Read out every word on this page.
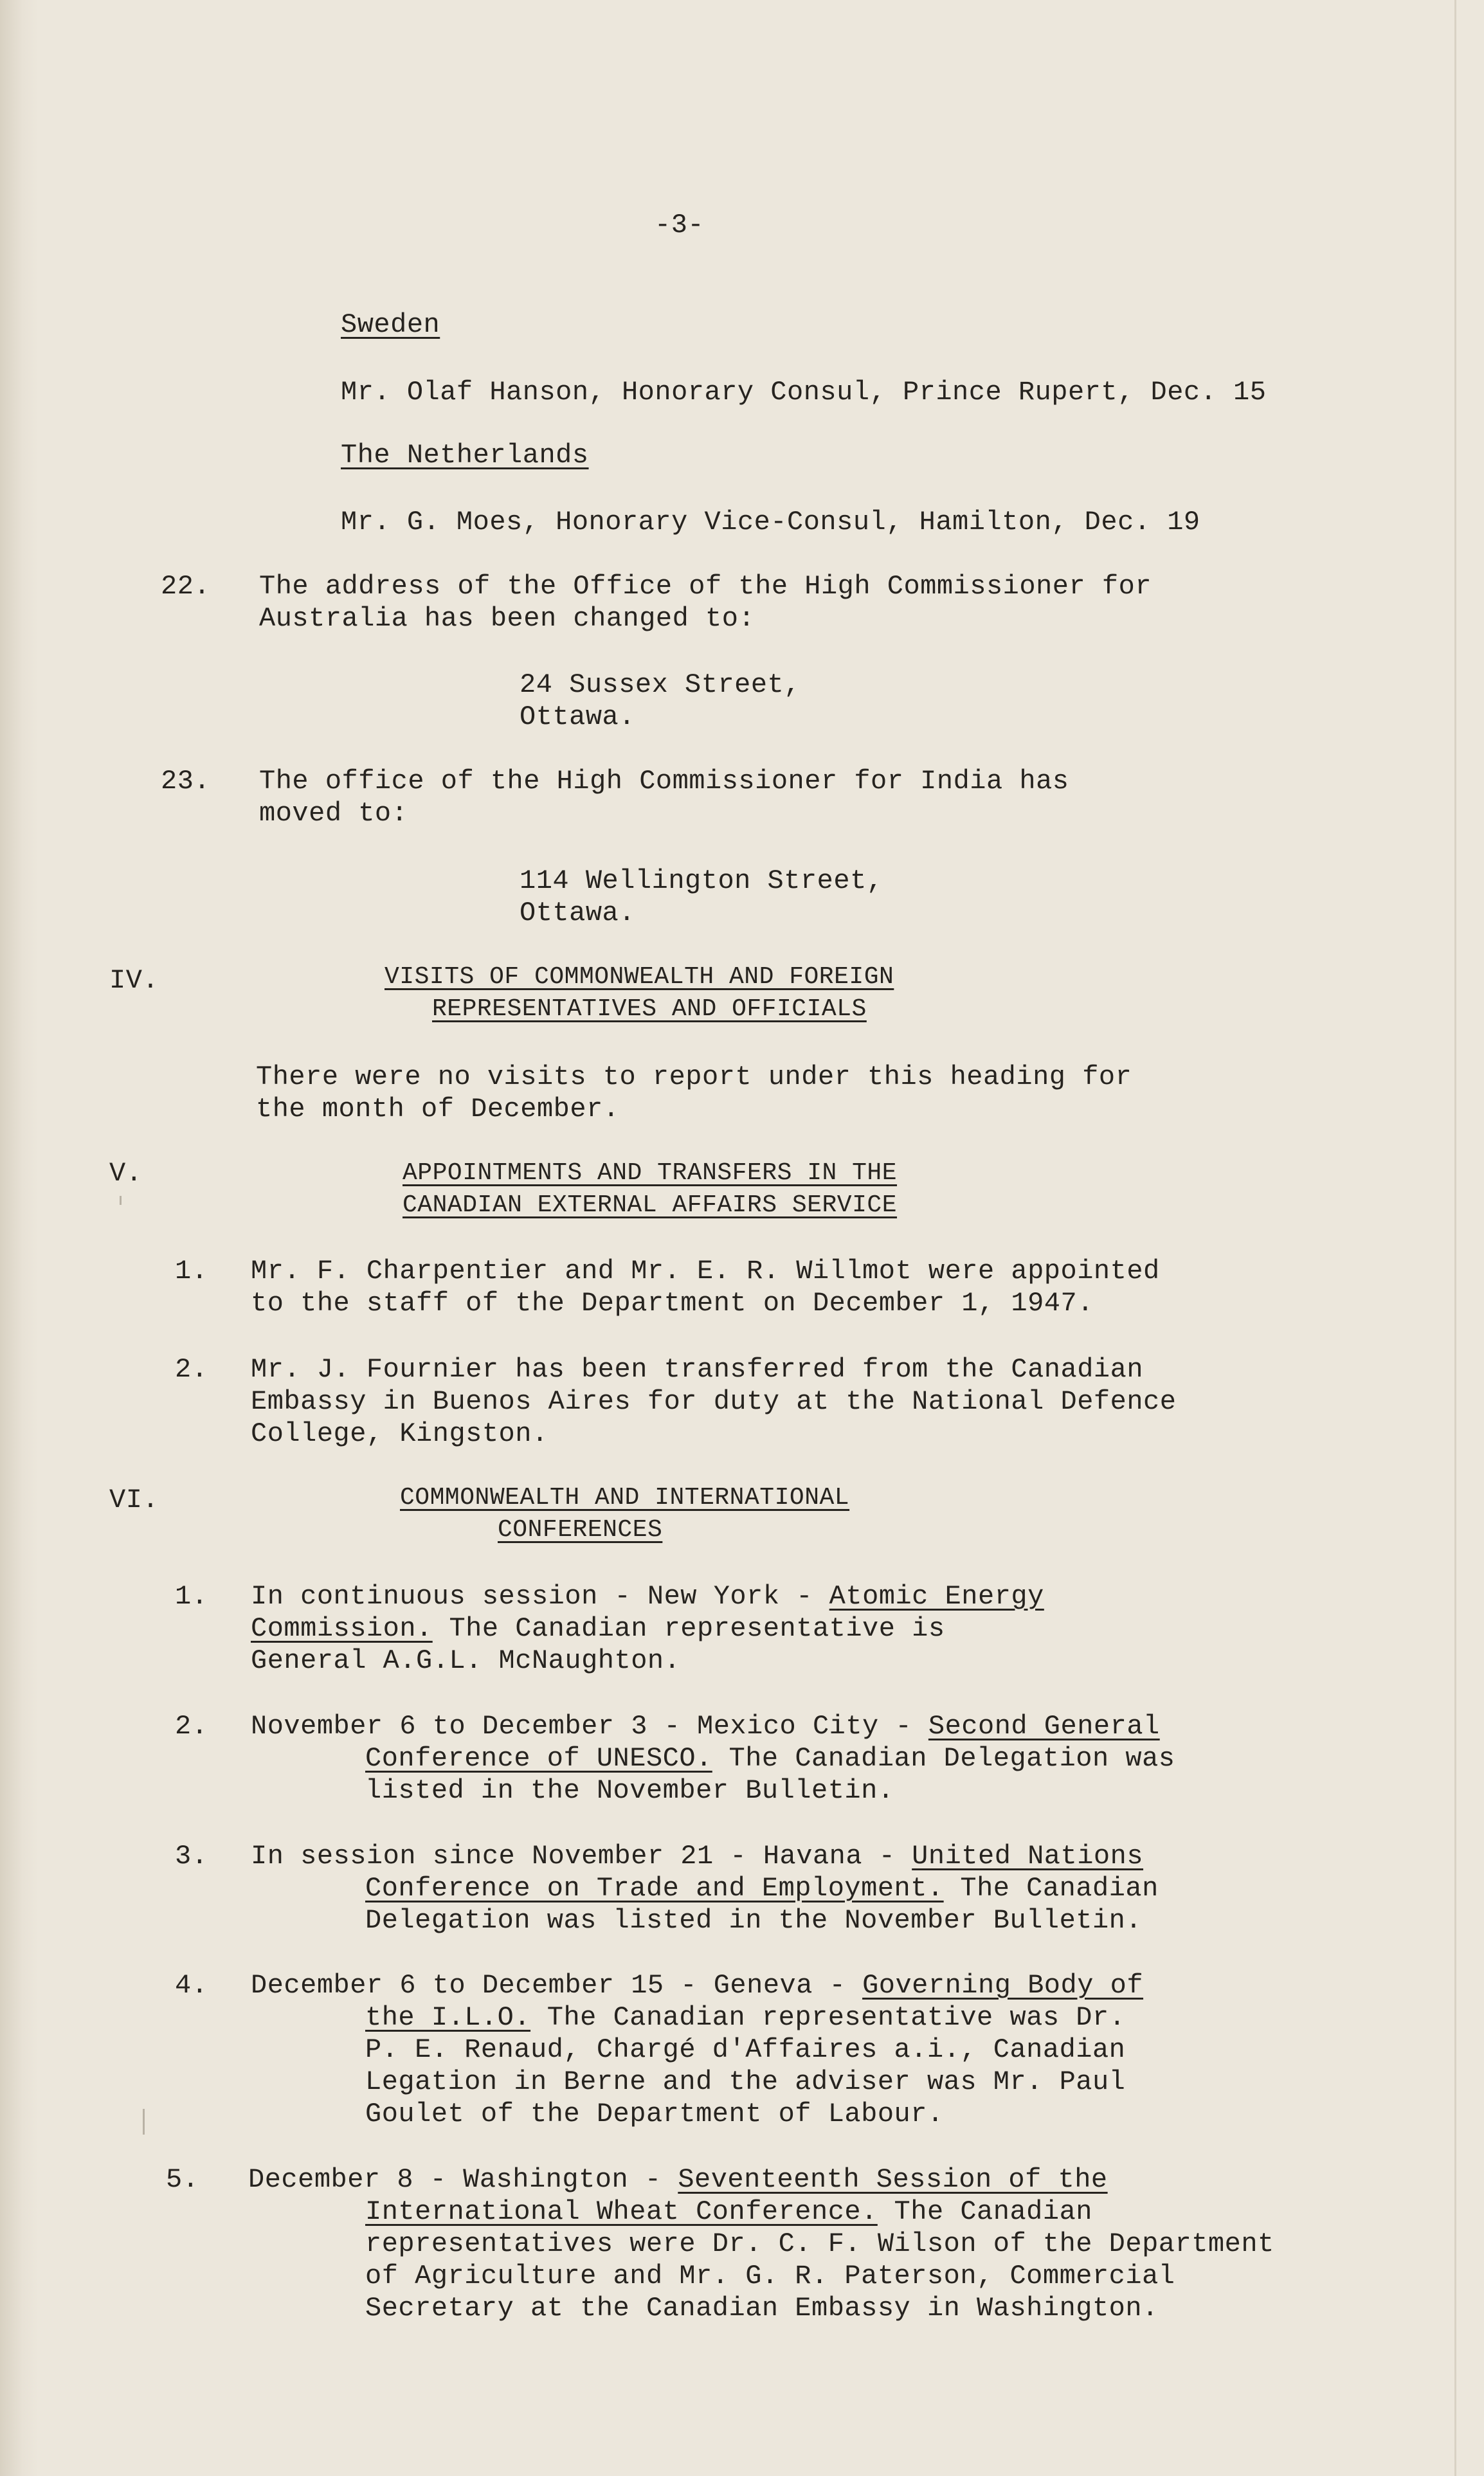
-3-
Sweden
Mr. Olaf Hanson, Honorary Consul, Prince Rupert, Dec. 15
The Netherlands
Mr. G. Moes, Honorary Vice-Consul, Hamilton, Dec. 19
22. The address of the Office of the High Commissioner for
Australia has been changed to:
24 Sussex Street,
Ottawa.
23. The office of the High Commissioner for India has
moved to:
114 Wellington Street,
Ottawa.
IV.	VISITS OF COMMONWEALTH AND FOREIGN
REPRESENTATIVES AND OFFICIALS
There were no visits to report under this heading for
the month of December.
V.	APPOINTMENTS AND TRANSFERS IN THE
CANADIAN EXTERNAL AFFAIRS SERVICE
1. Mr. F. Charpentier and Mr. E. R. Willmot were appointed
to the staff of the Department on December 1, 1947.
2. Mr. J. Fournier has been transferred from the Canadian
Embassy in Buenos Aires for duty at the National Defence
College, Kingston.
VI.	COMMONWEALTH AND INTERNATIONAL
CONFERENCES
1. In continuous session - New York - Atomic Energy
Commission. The Canadian representative is
General A.G.L. McNaughton.
2. November 6 to December 3 - Mexico City - Second General
Conference of UNESCO. The Canadian Delegation was
listed in the November Bulletin.
3. In session since November 21 - Havana - United Nations
Conference on Trade and Employment. The Canadian
Delegation was listed in the November Bulletin.
4. December 6 to December 15 - Geneva - Governing Body of
the I.L.O. The Canadian representative was Dr.
P. E. Renaud, Chargé d'Affaires a.i., Canadian
Legation in Berne and the adviser was Mr. Paul
Goulet of the Department of Labour.
5. December 8 - Washington - Seventeenth Session of the
International Wheat Conference. The Canadian
representatives were Dr. C. F. Wilson of the Department
of Agriculture and Mr. G. R. Paterson, Commercial
Secretary at the Canadian Embassy in Washington.
